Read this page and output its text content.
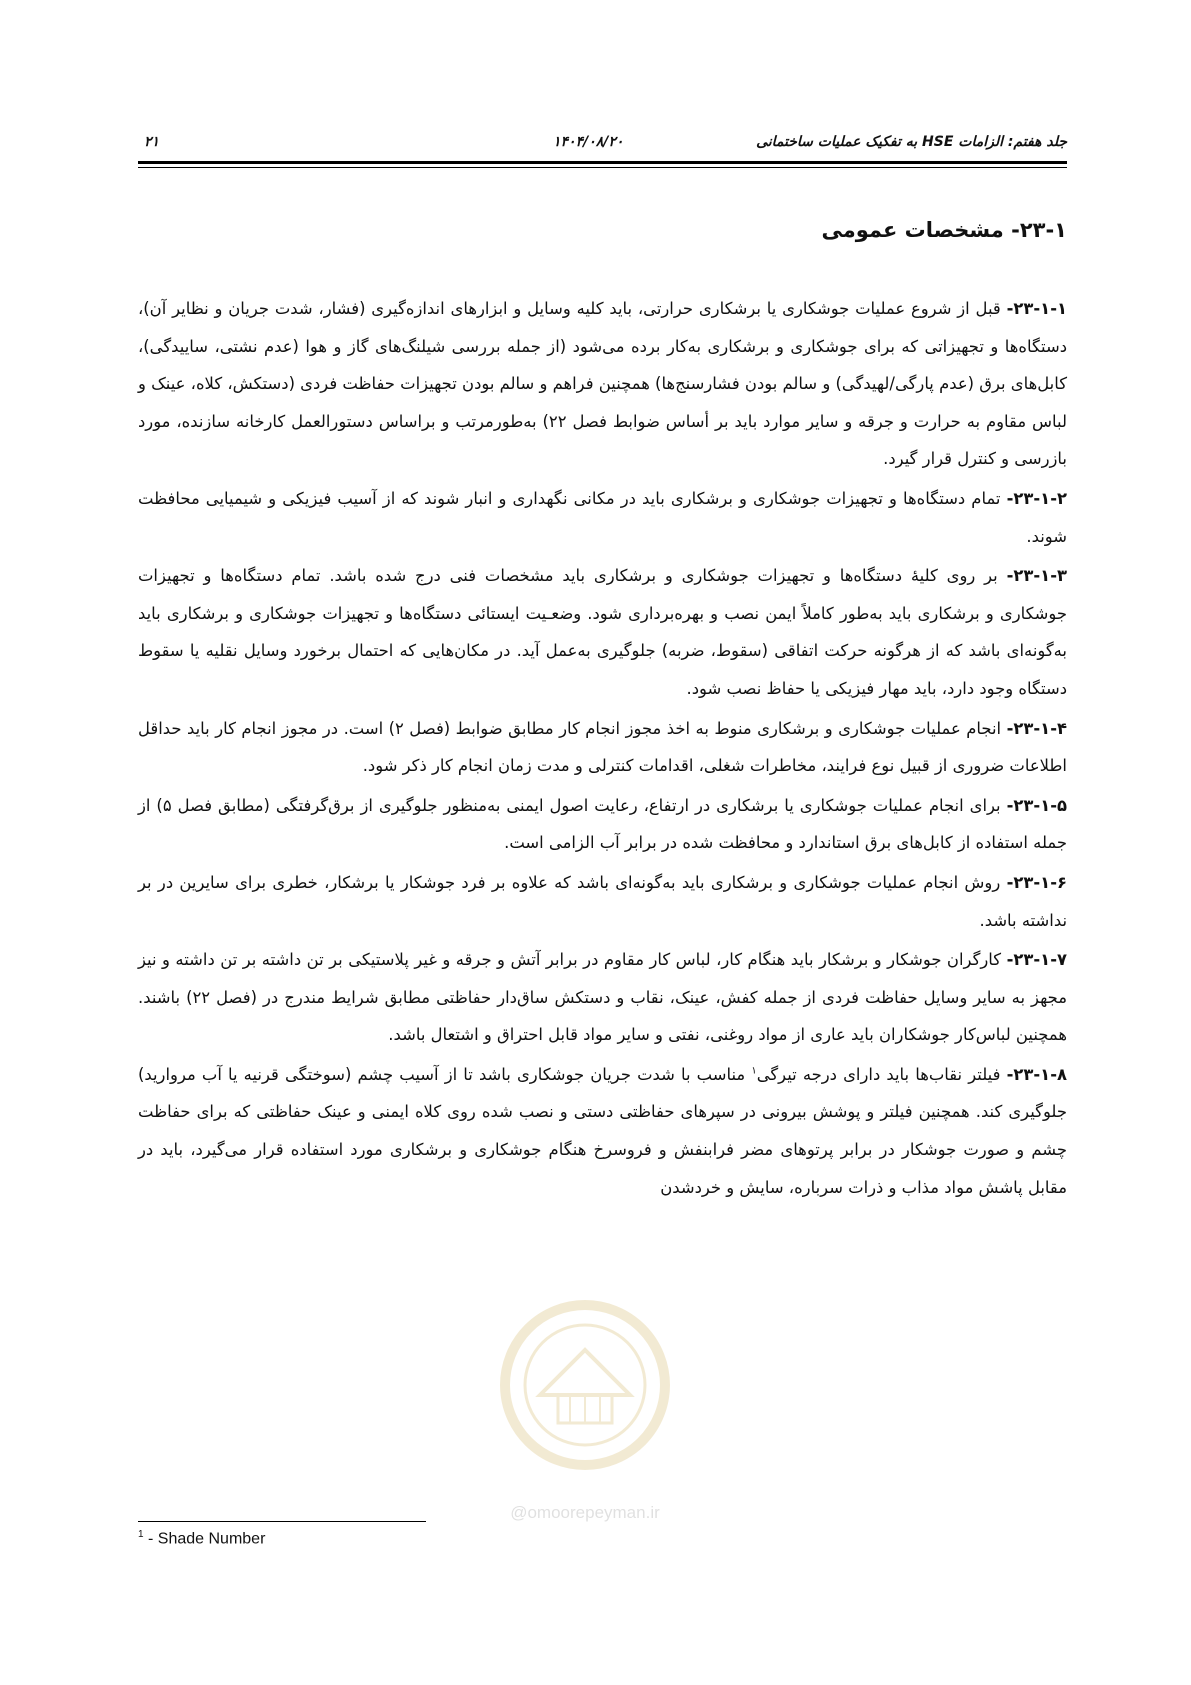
جلد هفتم: الزامات HSE به تفکیک عملیات ساختمانی
۱۴۰۴/۰۸/۲۰
۲۱
۲۳-۱- مشخصات عمومی

۲۳-۱-۱- قبل از شروع عملیات جوشکاری یا برشکاری حرارتی، باید کلیه وسایل و ابزارهای اندازه‌گیری (فشار، شدت جریان و نظایر آن)، دستگاه‌ها و تجهیزاتی که برای جوشکاری و برشکاری به‌کار برده می‌شود (از جمله بررسی شیلنگ‌های گاز و هوا (عدم نشتی، ساییدگی)، کابل‌های برق (عدم پارگی/لهیدگی) و سالم بودن فشارسنج‌ها) همچنین فراهم و سالم بودن تجهیزات حفاظت فردی (دستکش، کلاه، عینک و لباس مقاوم به حرارت و جرقه و سایر موارد باید بر أساس ضوابط فصل ۲۲) به‌طورمرتب و براساس دستورالعمل کارخانه سازنده، مورد بازرسی و کنترل قرار گیرد.

۲۳-۱-۲- تمام دستگاه‌ها و تجهیزات جوشکاری و برشکاری باید در مکانی نگهداری و انبار شوند که از آسیب فیزیکی و شیمیایی محافظت شوند.

۲۳-۱-۳- بر روی کلیهٔ دستگاه‌ها و تجهیزات جوشکاری و برشکاری باید مشخصات فنی درج شده باشد. تمام دستگاه‌ها و تجهیزات جوشکاری و برشکاری باید به‌طور کاملاً ایمن نصب و بهره‌برداری شود. وضعـیت ایستائی دستگاه‌ها و تجهیزات جوشکاری و برشکاری باید به‌گونه‌ای باشد که از هرگونه حرکت اتفاقی (سقوط، ضربه) جلوگیری به‌عمل آید. در مکان‌هایی که احتمال برخورد وسایل نقلیه یا سقوط دستگاه وجود دارد، باید مهار فیزیکی یا حفاظ نصب شود.

۲۳-۱-۴- انجام عملیات جوشکاری و برشکاری منوط به اخذ مجوز انجام کار مطابق ضوابط (فصل ۲) است. در مجوز انجام کار باید حداقل اطلاعات ضروری از قبیل نوع فرایند، مخاطرات شغلی، اقدامات کنترلی و مدت زمان انجام کار ذکر شود.

۲۳-۱-۵- برای انجام عملیات جوشکاری یا برشکاری در ارتفاع، رعایت اصول ایمنی به‌منظور جلوگیری از برق‌گرفتگی (مطابق فصل ۵) از جمله استفاده از کابل‌های برق استاندارد و محافظت شده در برابر آب الزامی است.

۲۳-۱-۶- روش انجام عملیات جوشکاری و برشکاری باید به‌گونه‌ای باشد که علاوه بر فرد جوشکار یا برشکار، خطری برای سایرین در بر نداشته باشد.

۲۳-۱-۷- کارگران جوشکار و برشکار باید هنگام کار، لباس کار مقاوم در برابر آتش و جرقه و غیر پلاستیکی بر تن داشته بر تن داشته و نیز مجهز به سایر وسایل حفاظت فردی از جمله کفش، عینک، نقاب و دستکش ساق‌دار حفاظتی مطابق شرایط مندرج در (فصل ۲۲) باشند. همچنین لباس‌کار جوشکاران باید عاری از مواد روغنی، نفتی و سایر مواد قابل احتراق و اشتعال باشد.

۲۳-۱-۸- فیلتر نقاب‌ها باید دارای درجه تیرگی$^۱$ مناسب با شدت جریان جوشکاری باشد تا از آسیب چشم (سوختگی قرنیه یا آب مروارید) جلوگیری کند. همچنین فیلتر و پوشش بیرونی در سپرهای حفاظتی دستی و نصب شده روی کلاه ایمنی و عینک حفاظتی که برای حفاظت چشم و صورت جوشکار در برابر پرتوهای مضر فرابنفش و فروسرخ هنگام جوشکاری و برشکاری مورد استفاده قرار می‌گیرد، باید در مقابل پاشش مواد مذاب و ذرات سرباره، سایش و خردشدن

@omoorepeyman.ir
$^1$ - Shade Number
